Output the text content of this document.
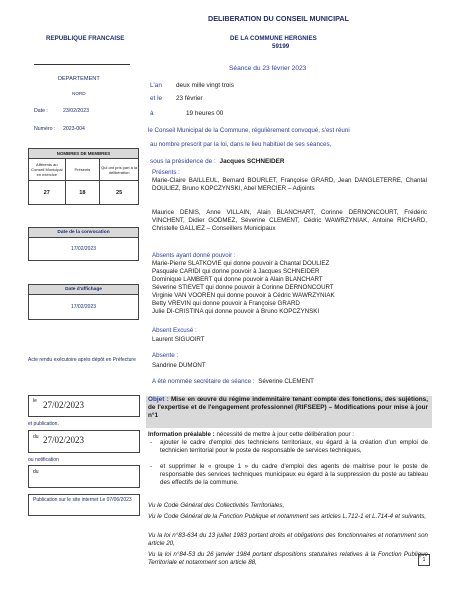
DELIBERATION DU CONSEIL MUNICIPAL
REPUBLIQUE FRANCAISE	DE LA COMMUNE HERGNIES
59199
DEPARTEMENT
NORD
Date :	23/02/2023
Numéro : 2023-004
NOMBRES DE MEMBRES		
Afférents au Conseil Municipal en exercice	Présents	Qui ont pris part à la délibération
27	18	25
Date de la convocation
17/02/2023
Date d'affichage
17/02/2023
Acte rendu exécutoire après dépôt en Préfecture
le 27/02/2023
et publication.
du 27/02/2023
ou notification
du
Publication sur le site internet Le 07/06/2023
Séance du 23 février 2023
L'an deux mille vingt trois
et le 23 février
à	19 heures 00
le Conseil Municipal de la Commune, régulièrement convoqué, s'est réuni
au nombre prescrit par la loi, dans le lieu habituel de ses séances,
sous la présidence de : Jacques SCHNEIDER
Présents :
Marie-Claire BAILLEUL, Bernard BOURLET, Françoise GRARD, Jean DANGLETERRE, Chantal DOULIEZ, Bruno KOPCZYNSKI, Abel MERCIER – Adjoints
Maurice DENIS, Anne VILLAIN, Alain BLANCHART, Corinne DERNONCOURT, Frédéric VINCHENT, Didier GODMEZ, Séverine CLEMENT, Cédric WAWRZYNIAK, Antoine RICHARD, Christelle GALLIEZ – Conseillers Municipaux
Absents ayant donné pouvoir :
Marie-Pierre SLATKOVIE qui donne pouvoir à Chantal DOULIEZ
Pasquale CARIDI qui donne pouvoir à Jacques SCHNEIDER
Dominique LAMBERT qui donne pouvoir à Alain BLANCHART
Séverine STIEVET qui donne pouvoir à Corinne DERNONCOURT
Virginie VAN VOOREN qui donne pouvoir à Cédric WAWRZYNIAK
Betty VREVIN qui donne pouvoir à Françoise GRARD
Julie DI-CRISTINA qui donne pouvoir à Bruno KOPCZYNSKI
Absent Excusé :
Laurent SIGUOIRT
Absente :
Sandrine DUMONT
A été nommée secrétaire de séance : Séverine CLEMENT
Objet : Mise en œuvre du régime indemnitaire tenant compte des fonctions, des sujétions, de l'expertise et de l'engagement professionnel (RIFSEEP) – Modifications pour mise à jour n°1
Information préalable : nécessité de mettre à jour cette délibération pour :
- ajouter le cadre d'emploi des techniciens territoriaux, eu égard à la création d'un emploi de technicien territorial pour le poste de responsable de services techniques,
- et supprimer le « groupe 1 » du cadre d'emploi des agents de maitrise pour le poste de responsable des services techniques municipaux eu égard à la suppression du poste au tableau des effectifs de la commune.
Vu le Code Général des Collectivités Territoriales,
Vu le Code Général de la Fonction Publique et notamment ses articles L.712-1 et L.714-4 et suivants,
Vu la loi n°83-634 du 13 juillet 1983 portant droits et obligations des fonctionnaires et notamment son article 20,
Vu la loi n°84-53 du 26 janvier 1984 portant dispositions statutaires relatives à la Fonction Publique Territoriale et notamment son article 88,	1
